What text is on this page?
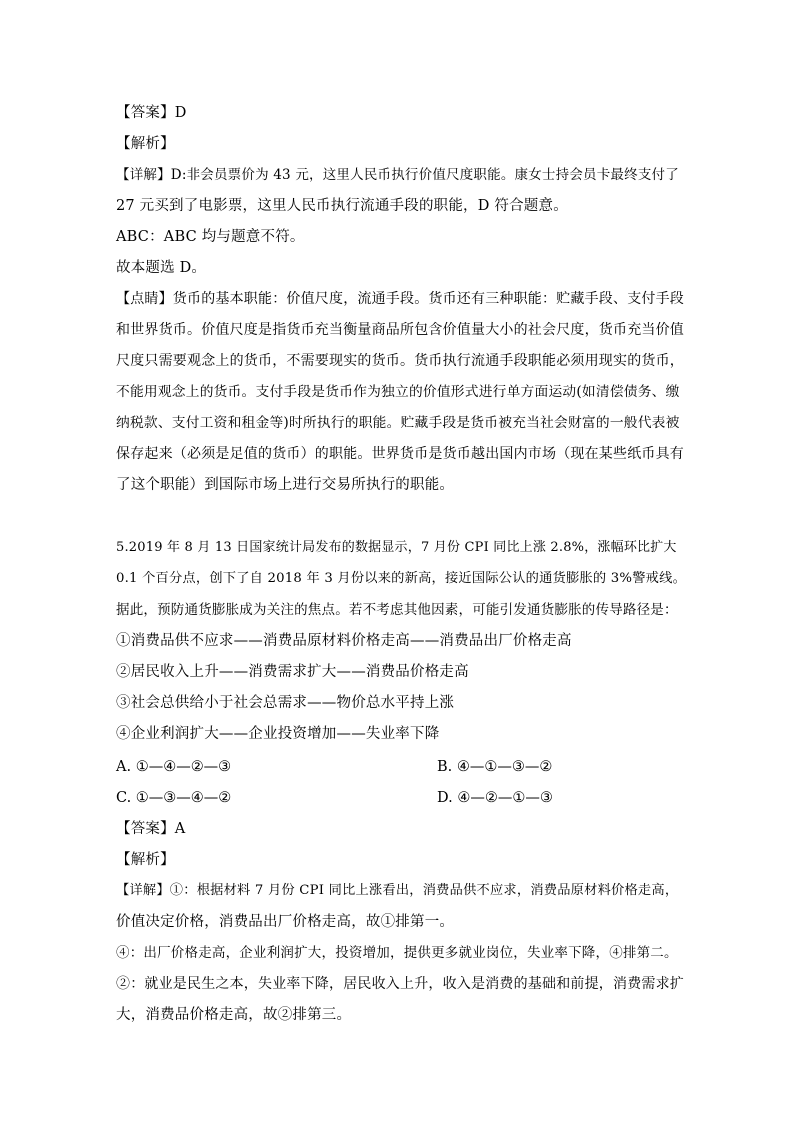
【答案】D
【解析】
【详解】D:非会员票价为 43 元，这里人民币执行价值尺度职能。康女士持会员卡最终支付了
27 元买到了电影票，这里人民币执行流通手段的职能，D 符合题意。
ABC：ABC 均与题意不符。
故本题选 D。
【点睛】货币的基本职能：价值尺度，流通手段。货币还有三种职能：贮藏手段、支付手段
和世界货币。价值尺度是指货币充当衡量商品所包含价值量大小的社会尺度，货币充当价值
尺度只需要观念上的货币，不需要现实的货币。货币执行流通手段职能必须用现实的货币，
不能用观念上的货币。支付手段是货币作为独立的价值形式进行单方面运动(如清偿债务、缴
纳税款、支付工资和租金等)时所执行的职能。贮藏手段是货币被充当社会财富的一般代表被
保存起来（必须是足值的货币）的职能。世界货币是货币越出国内市场（现在某些纸币具有
了这个职能）到国际市场上进行交易所执行的职能。
5.2019 年 8 月 13 日国家统计局发布的数据显示，7 月份 CPI 同比上涨 2.8%，涨幅环比扩大
0.1 个百分点，创下了自 2018 年 3 月份以来的新高，接近国际公认的通货膨胀的 3%警戒线。
据此，预防通货膨胀成为关注的焦点。若不考虑其他因素，可能引发通货膨胀的传导路径是：
①消费品供不应求——消费品原材料价格走高——消费品出厂价格走高
②居民收入上升——消费需求扩大——消费品价格走高
③社会总供给小于社会总需求——物价总水平持上涨
④企业利润扩大——企业投资增加——失业率下降
A. ①—④—②—③	B. ④—①—③—②
C. ①—③—④—②	D. ④—②—①—③
【答案】A
【解析】
【详解】①：根据材料 7 月份 CPI 同比上涨看出，消费品供不应求，消费品原材料价格走高，
价值决定价格，消费品出厂价格走高，故①排第一。
④：出厂价格走高，企业利润扩大，投资增加，提供更多就业岗位，失业率下降，④排第二。
②：就业是民生之本，失业率下降，居民收入上升，收入是消费的基础和前提，消费需求扩
大，消费品价格走高，故②排第三。
